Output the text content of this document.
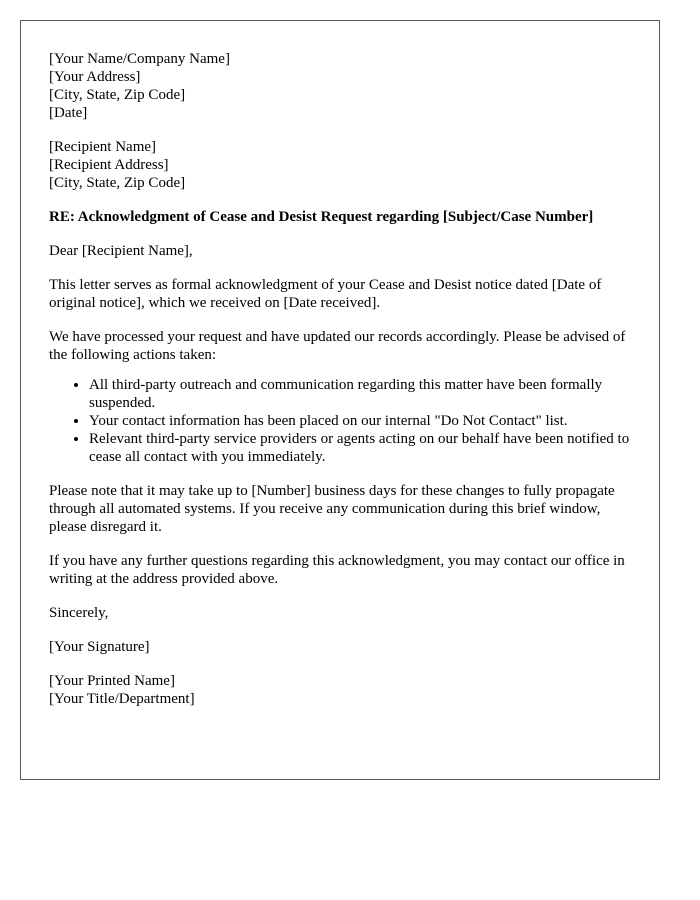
[Your Name/Company Name]
[Your Address]
[City, State, Zip Code]
[Date]
[Recipient Name]
[Recipient Address]
[City, State, Zip Code]

RE: Acknowledgment of Cease and Desist Request regarding [Subject/Case Number]

Dear [Recipient Name],

This letter serves as formal acknowledgment of your Cease and Desist notice dated [Date of original notice], which we received on [Date received].

We have processed your request and have updated our records accordingly. Please be advised of the following actions taken:

• All third-party outreach and communication regarding this matter have been formally suspended.
• Your contact information has been placed on our internal "Do Not Contact" list.
• Relevant third-party service providers or agents acting on our behalf have been notified to cease all contact with you immediately.

Please note that it may take up to [Number] business days for these changes to fully propagate through all automated systems. If you receive any communication during this brief window, please disregard it.

If you have any further questions regarding this acknowledgment, you may contact our office in writing at the address provided above.

Sincerely,

[Your Signature]

[Your Printed Name]
[Your Title/Department]
